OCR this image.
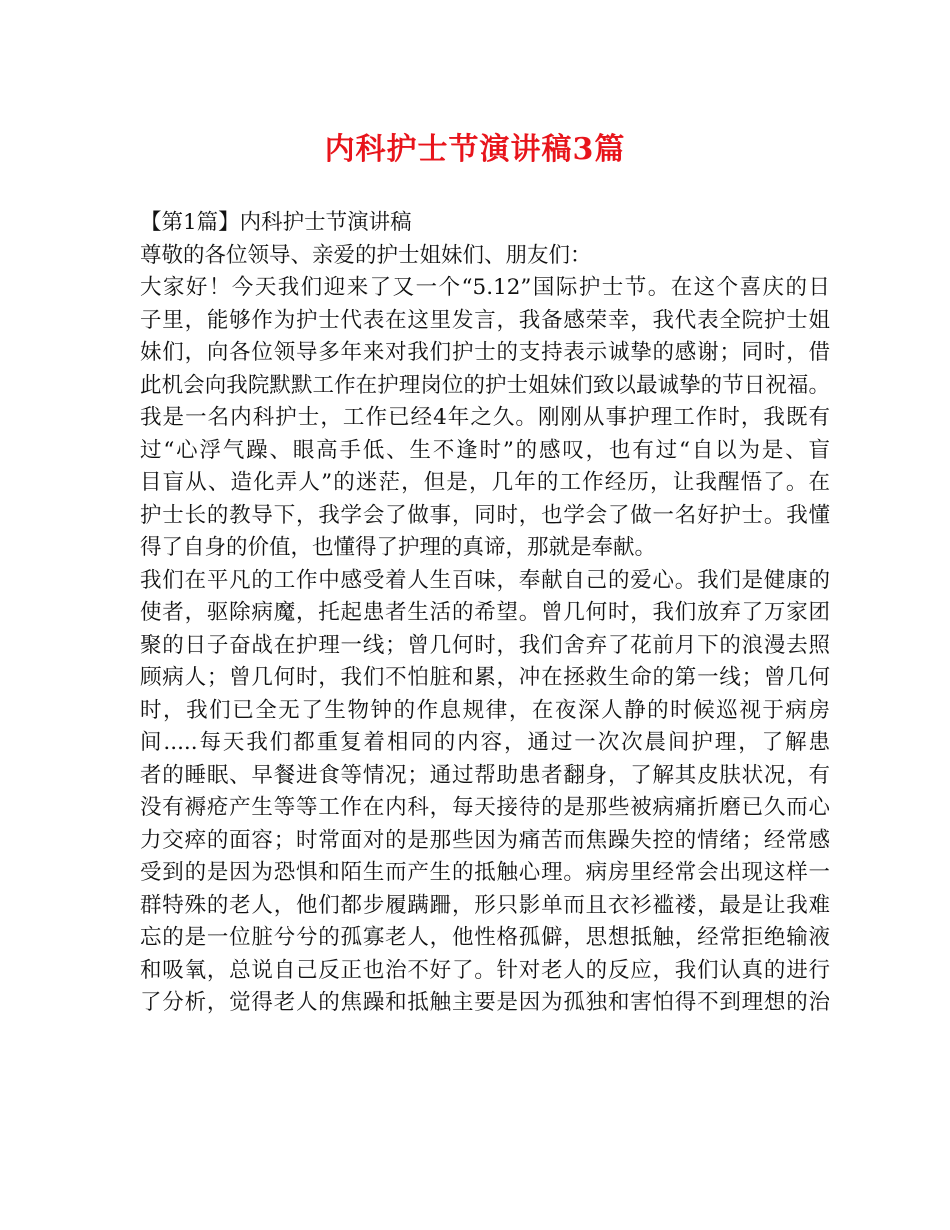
内科护士节演讲稿3篇
【第1篇】内科护士节演讲稿
尊敬的各位领导、亲爱的护士姐妹们、朋友们：
大家好！今天我们迎来了又一个“5.12”国际护士节。在这个喜庆的日
子里，能够作为护士代表在这里发言，我备感荣幸，我代表全院护士姐
妹们，向各位领导多年来对我们护士的支持表示诚挚的感谢；同时，借
此机会向我院默默工作在护理岗位的护士姐妹们致以最诚挚的节日祝福。
我是一名内科护士，工作已经4年之久。刚刚从事护理工作时，我既有
过“心浮气躁、眼高手低、生不逢时”的感叹，也有过“自以为是、盲
目盲从、造化弄人”的迷茫，但是，几年的工作经历，让我醒悟了。在
护士长的教导下，我学会了做事，同时，也学会了做一名好护士。我懂
得了自身的价值，也懂得了护理的真谛，那就是奉献。
我们在平凡的工作中感受着人生百味，奉献自己的爱心。我们是健康的
使者，驱除病魔，托起患者生活的希望。曾几何时，我们放弃了万家团
聚的日子奋战在护理一线；曾几何时，我们舍弃了花前月下的浪漫去照
顾病人；曾几何时，我们不怕脏和累，冲在拯救生命的第一线；曾几何
时，我们已全无了生物钟的作息规律，在夜深人静的时候巡视于病房
间.....每天我们都重复着相同的内容，通过一次次晨间护理，了解患
者的睡眠、早餐进食等情况；通过帮助患者翻身，了解其皮肤状况，有
没有褥疮产生等等工作在内科，每天接待的是那些被病痛折磨已久而心
力交瘁的面容；时常面对的是那些因为痛苦而焦躁失控的情绪；经常感
受到的是因为恐惧和陌生而产生的抵触心理。病房里经常会出现这样一
群特殊的老人，他们都步履蹒跚，形只影单而且衣衫褴褛，最是让我难
忘的是一位脏兮兮的孤寡老人，他性格孤僻，思想抵触，经常拒绝输液
和吸氧，总说自己反正也治不好了。针对老人的反应，我们认真的进行
了分析，觉得老人的焦躁和抵触主要是因为孤独和害怕得不到理想的治
